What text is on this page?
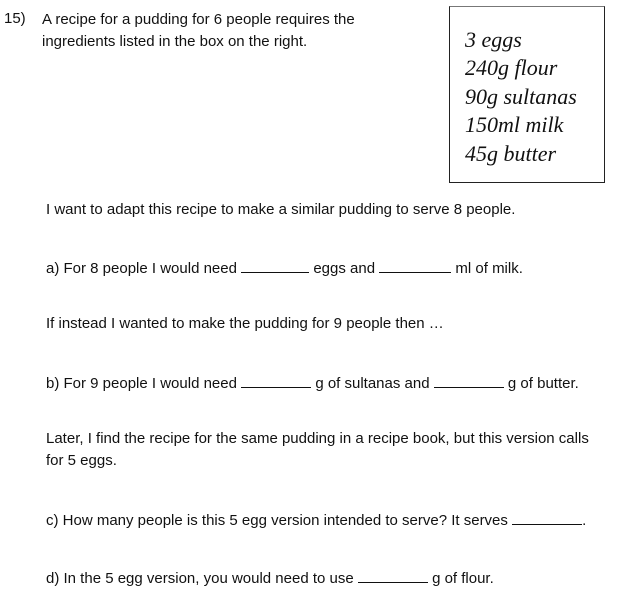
15) A recipe for a pudding for 6 people requires the ingredients listed in the box on the right.	3 eggs
240g flour
90g sultanas
150ml milk
45g butter
I want to adapt this recipe to make a similar pudding to serve 8 people.
a) For 8 people I would need	eggs and	ml of milk.
If instead I wanted to make the pudding for 9 people then …
b) For 9 people I would need	g of sultanas and	g of butter.
Later, I find the recipe for the same pudding in a recipe book, but this version calls
for 5 eggs.
c) How many people is this 5 egg version intended to serve? It serves	.
d) In the 5 egg version, you would need to use	g of flour.
